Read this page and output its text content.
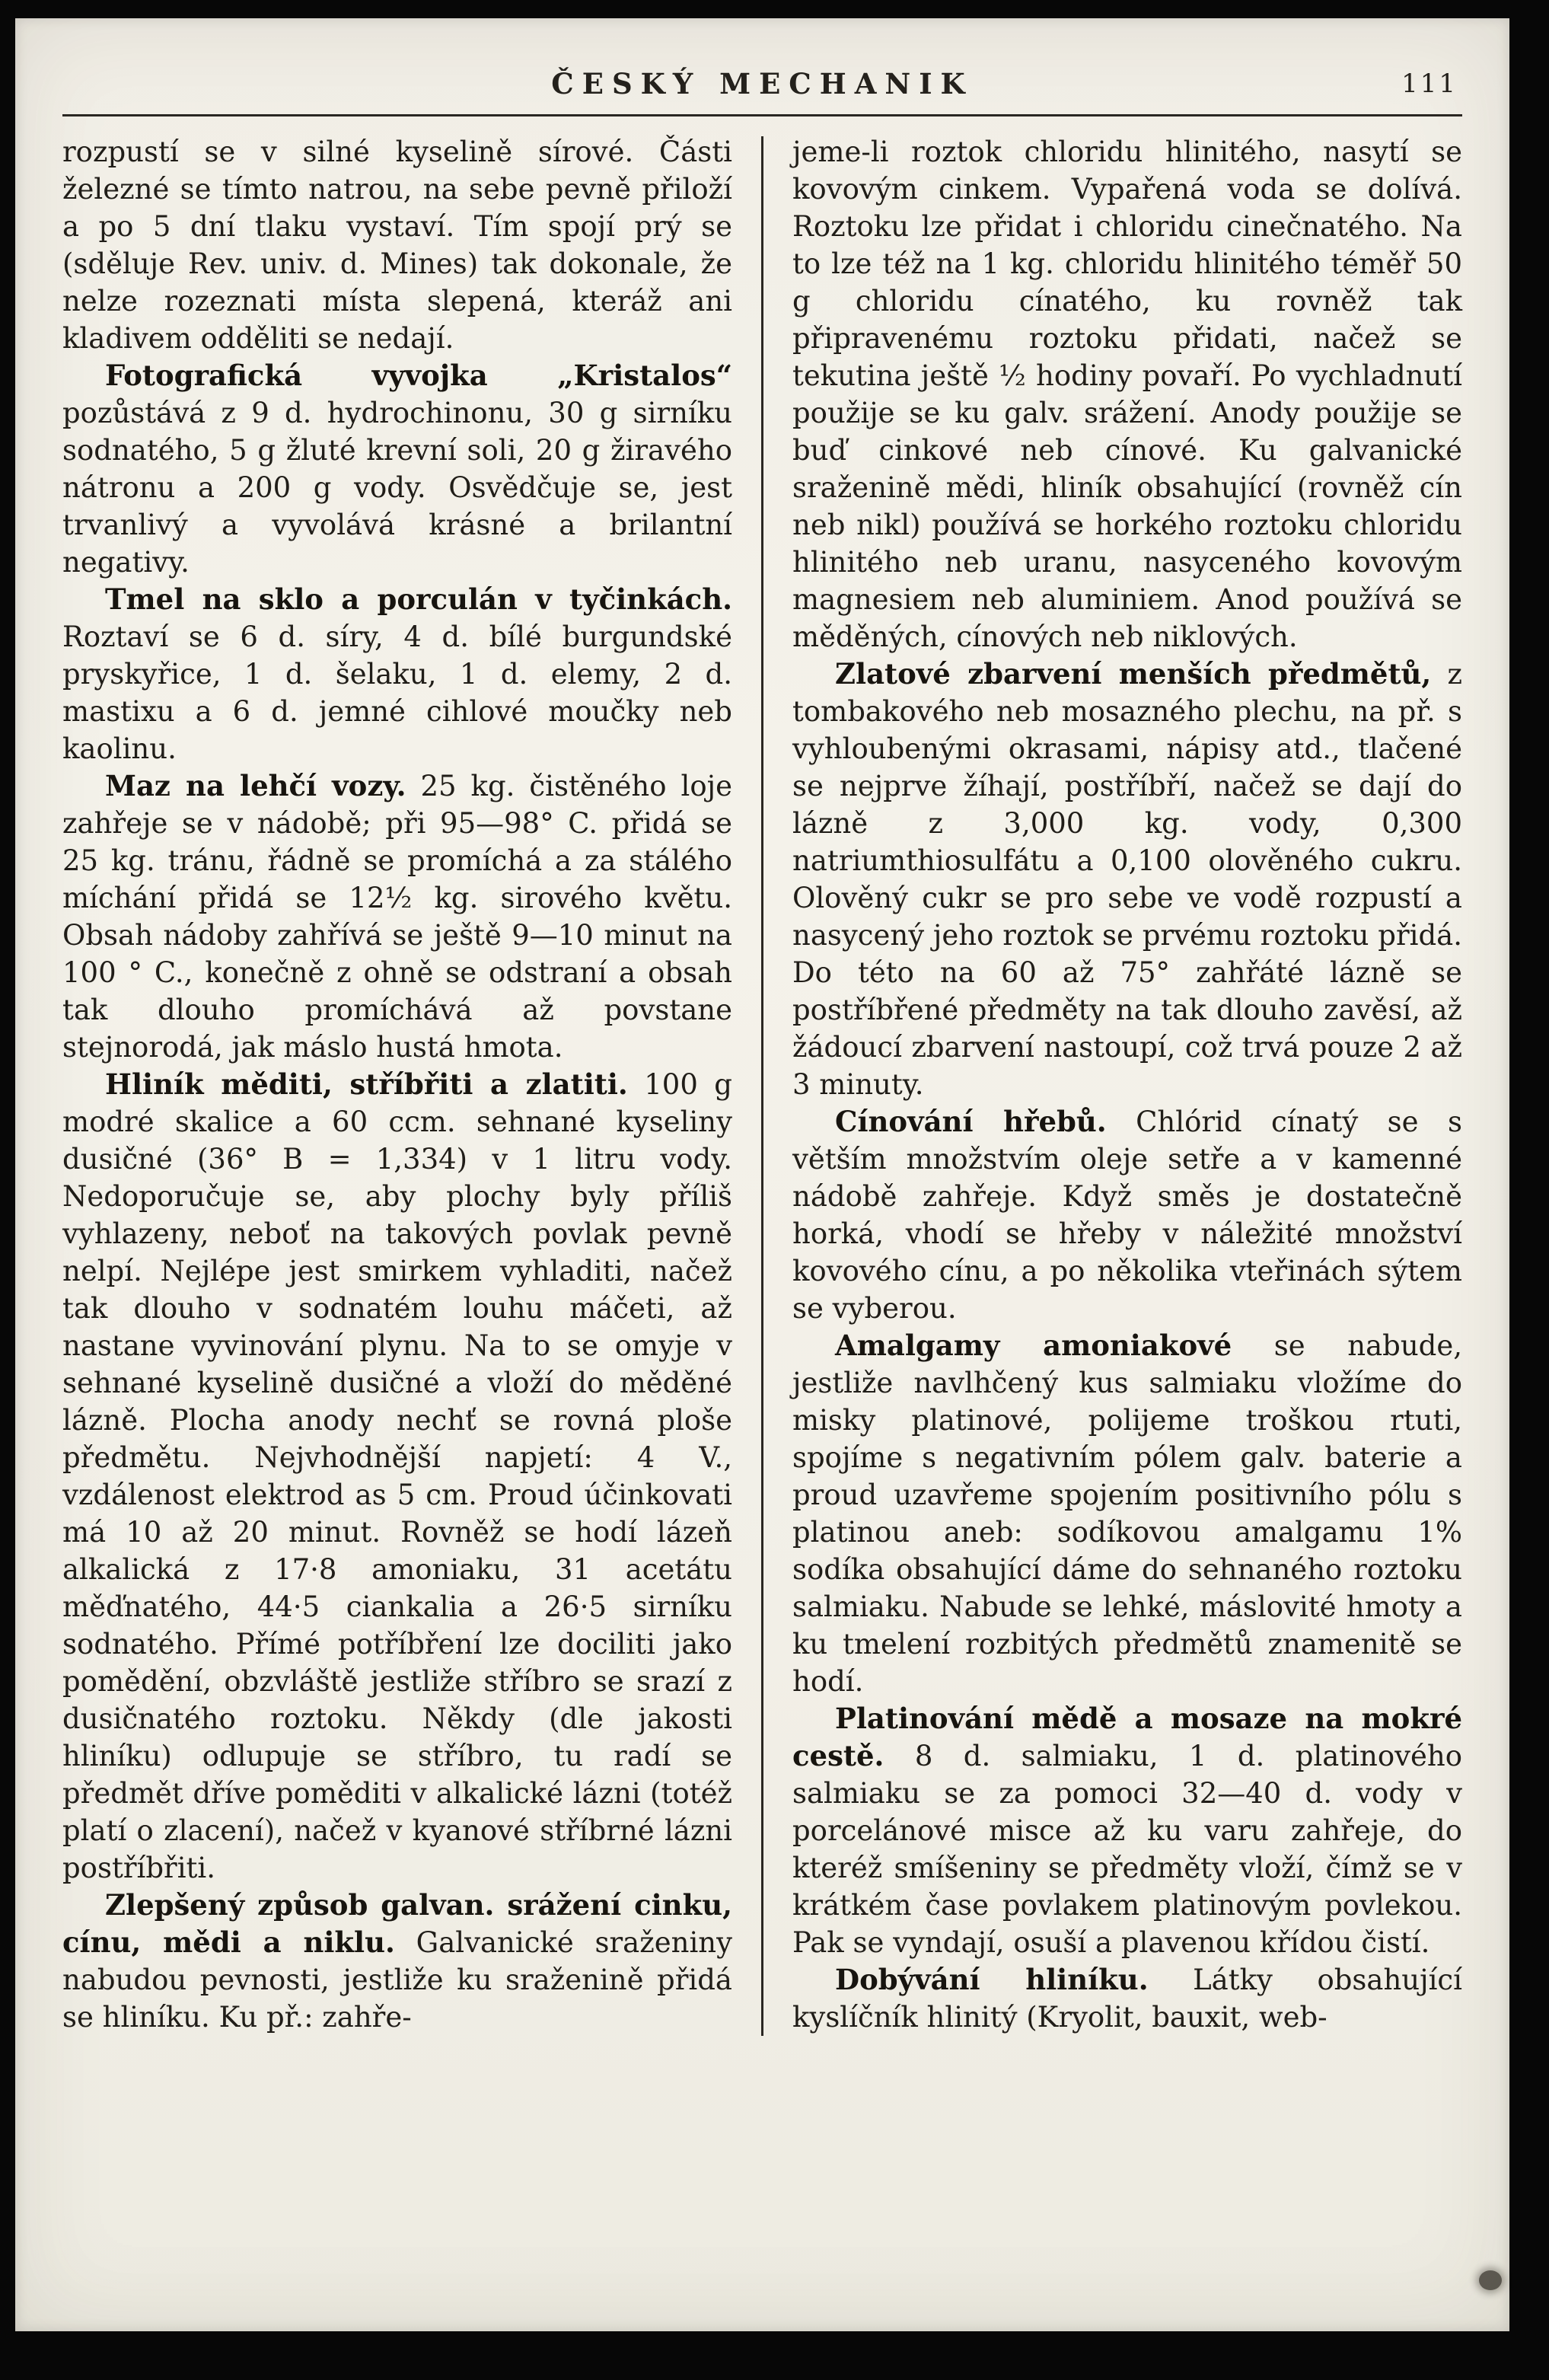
ČESKÝ MECHANIK	111

rozpustí se v silné kyselině sírové. Části železné se tímto natrou, na sebe pevně přiloží a po 5 dní tlaku vystaví. Tím spojí prý se (sděluje Rev. univ. d. Mines) tak dokonale, že nelze rozeznati místa slepená, kteráž ani kladivem odděliti se nedají.

Fotografická vyvojka „Kristalos“ pozůstává z 9 d. hydrochinonu, 30 g sirníku sodnatého, 5 g žluté krevní soli, 20 g žiravého nátronu a 200 g vody. Osvědčuje se, jest trvanlivý a vyvolává krásné a brilantní negativy.

Tmel na sklo a porculán v tyčinkách. Roztaví se 6 d. síry, 4 d. bílé burgundské pryskyřice, 1 d. šelaku, 1 d. elemy, 2 d. mastixu a 6 d. jemné cihlové moučky neb kaolinu.

Maz na lehčí vozy. 25 kg. čistěného loje zahřeje se v nádobě; při 95—98° C. přidá se 25 kg. tránu, řádně se promíchá a za stálého míchání přidá se 12½ kg. sirového květu. Obsah nádoby zahřívá se ještě 9—10 minut na 100 ° C., konečně z ohně se odstraní a obsah tak dlouho promíchává až povstane stejnorodá, jak máslo hustá hmota.

Hliník měditi, stříbřiti a zlatiti. 100 g modré skalice a 60 ccm. sehnané kyseliny dusičné (36° B = 1,334) v 1 litru vody. Nedoporučuje se, aby plochy byly příliš vyhlazeny, neboť na takových povlak pevně nelpí. Nejlépe jest smirkem vyhladiti, načež tak dlouho v sodnatém louhu máčeti, až nastane vyvinování plynu. Na to se omyje v sehnané kyselině dusičné a vloží do měděné lázně. Plocha anody nechť se rovná ploše předmětu. Nejvhodnější napjetí: 4 V., vzdálenost elektrod as 5 cm. Proud účinkovati má 10 až 20 minut. Rovněž se hodí lázeň alkalická z 17·8 amoniaku, 31 acetátu měďnatého, 44·5 ciankalia a 26·5 sirníku sodnatého. Přímé potříbření lze dociliti jako pomědění, obzvláště jestliže stříbro se srazí z dusičnatého roztoku. Někdy (dle jakosti hliníku) odlupuje se stříbro, tu radí se předmět dříve poměditi v alkalické lázni (totéž platí o zlacení), načež v kyanové stříbrné lázni postříbřiti.

Zlepšený způsob galvan. srážení cinku, cínu, mědi a niklu. Galvanické sraženiny nabudou pevnosti, jestliže ku sraženině přidá se hliníku. Ku př.: zahře-

jeme-li roztok chloridu hlinitého, nasytí se kovovým cinkem. Vypařená voda se dolívá. Roztoku lze přidat i chloridu cinečnatého. Na to lze též na 1 kg. chloridu hlinitého téměř 50 g chloridu cínatého, ku rovněž tak připravenému roztoku přidati, načež se tekutina ještě ½ hodiny povaří. Po vychladnutí použije se ku galv. srážení. Anody použije se buď cinkové neb cínové. Ku galvanické sraženině mědi, hliník obsahující (rovněž cín neb nikl) používá se horkého roztoku chloridu hlinitého neb uranu, nasyceného kovovým magnesiem neb aluminiem. Anod používá se měděných, cínových neb niklových.

Zlatové zbarvení menších předmětů, z tombakového neb mosazného plechu, na př. s vyhloubenými okrasami, nápisy atd., tlačené se nejprve žíhají, postříbří, načež se dají do lázně z 3,000 kg. vody, 0,300 natriumthiosulfátu a 0,100 olověného cukru. Olověný cukr se pro sebe ve vodě rozpustí a nasycený jeho roztok se prvému roztoku přidá. Do této na 60 až 75° zahřáté lázně se postříbřené předměty na tak dlouho zavěsí, až žádoucí zbarvení nastoupí, což trvá pouze 2 až 3 minuty.

Cínování hřebů. Chlórid cínatý se s větším množstvím oleje setře a v kamenné nádobě zahřeje. Když směs je dostatečně horká, vhodí se hřeby v náležité množství kovového cínu, a po několika vteřinách sýtem se vyberou.

Amalgamy amoniakové se nabude, jestliže navlhčený kus salmiaku vložíme do misky platinové, polijeme troškou rtuti, spojíme s negativním pólem galv. baterie a proud uzavřeme spojením positivního pólu s platinou aneb: sodíkovou amalgamu 1% sodíka obsahující dáme do sehnaného roztoku salmiaku. Nabude se lehké, máslovité hmoty a ku tmelení rozbitých předmětů znamenitě se hodí.

Platinování mědě a mosaze na mokré cestě. 8 d. salmiaku, 1 d. platinového salmiaku se za pomoci 32—40 d. vody v porcelánové misce až ku varu zahřeje, do kteréž smíšeniny se předměty vloží, čímž se v krátkém čase povlakem platinovým povlekou. Pak se vyndají, osuší a plavenou křídou čistí.

Dobývání hliníku. Látky obsahující kyslíčník hlinitý (Kryolit, bauxit, web-
